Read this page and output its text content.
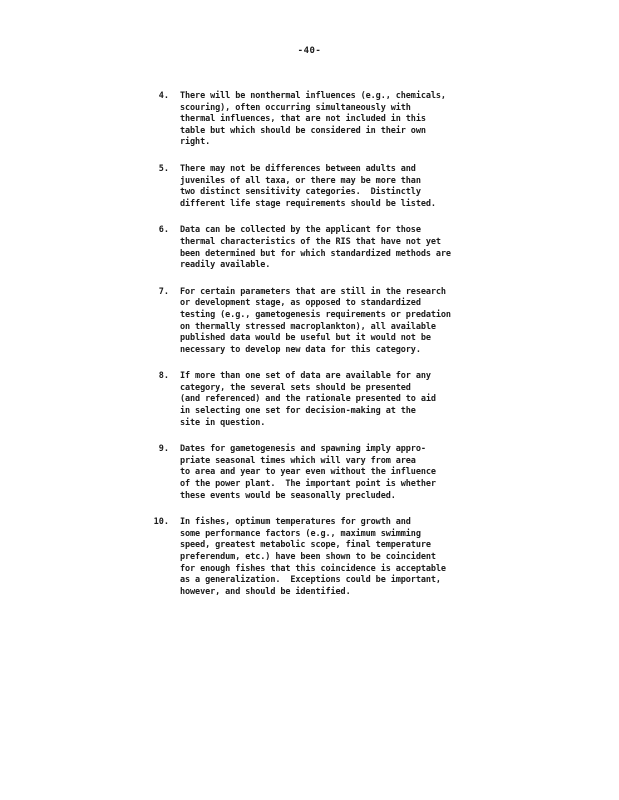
-40-
4. There will be nonthermal influences (e.g., chemicals,
scouring), often occurring simultaneously with
thermal influences, that are not included in this
table but which should be considered in their own
right.
5. There may not be differences between adults and
juveniles of all taxa, or there may be more than
two distinct sensitivity categories.  Distinctly
different life stage requirements should be listed.
6. Data can be collected by the applicant for those
thermal characteristics of the RIS that have not yet
been determined but for which standardized methods are
readily available.
7. For certain parameters that are still in the research
or development stage, as opposed to standardized
testing (e.g., gametogenesis requirements or predation
on thermally stressed macroplankton), all available
published data would be useful but it would not be
necessary to develop new data for this category.
8. If more than one set of data are available for any
category, the several sets should be presented
(and referenced) and the rationale presented to aid
in selecting one set for decision-making at the
site in question.
9. Dates for gametogenesis and spawning imply appro-
priate seasonal times which will vary from area
to area and year to year even without the influence
of the power plant.  The important point is whether
these events would be seasonally precluded.
10. In fishes, optimum temperatures for growth and
some performance factors (e.g., maximum swimming
speed, greatest metabolic scope, final temperature
preferendum, etc.) have been shown to be coincident
for enough fishes that this coincidence is acceptable
as a generalization.  Exceptions could be important,
however, and should be identified.
